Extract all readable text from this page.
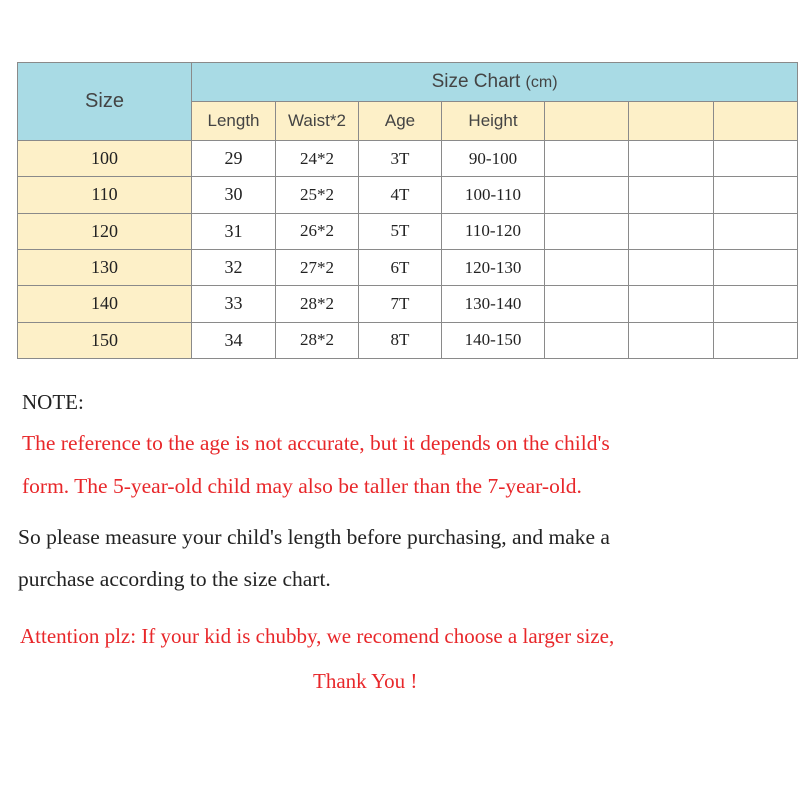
Size	Size Chart (cm)						
	Length	Waist*2	Age	Height			
100	29	24*2	3T	90-100			
110	30	25*2	4T	100-110			
120	31	26*2	5T	110-120			
130	32	27*2	6T	120-130			
140	33	28*2	7T	130-140			
150	34	28*2	8T	140-150			
NOTE:
The reference to the age is not accurate, but it depends on the child's
form. The 5-year-old child may also be taller than the 7-year-old.
So please measure your child's length before purchasing, and make a
purchase according to the size chart.
Attention plz: If your kid is chubby, we recomend choose a larger size,
Thank You !
